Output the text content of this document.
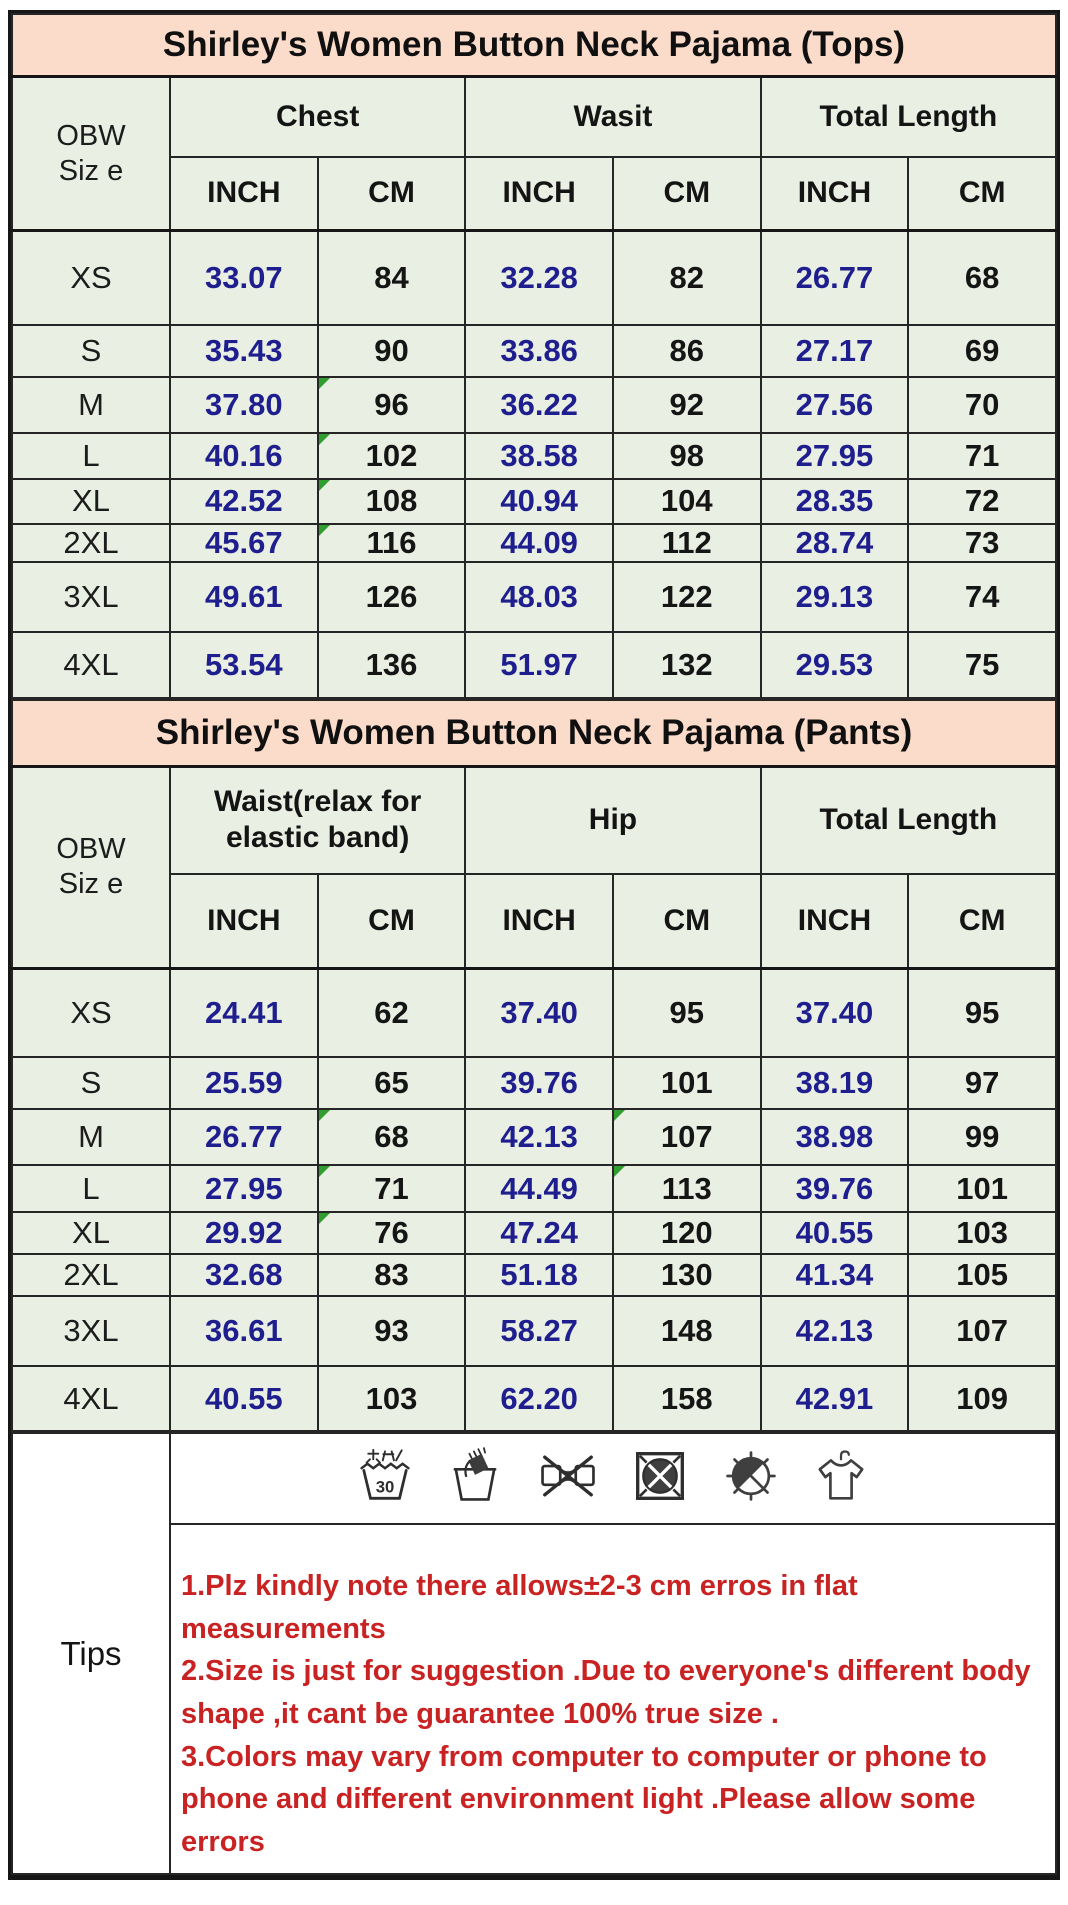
Shirley's Women Button Neck Pajama (Tops)						

OBW
Siz e	Chest		Wasit		Total Length	
	INCH	CM	INCH	CM	INCH	CM
XS	33.07	84	32.28	82	26.77	68
S	35.43	90	33.86	86	27.17	69
M	37.80	96	36.22	92	27.56	70
L	40.16	102	38.58	98	27.95	71
XL	42.52	108	40.94	104	28.35	72
2XL	45.67	116	44.09	112	28.74	73
3XL	49.61	126	48.03	122	29.13	74
4XL	53.54	136	51.97	132	29.53	75
Shirley's Women Button Neck Pajama (Pants)						

OBW
Siz e	Waist(relax for elastic band)		Hip		Total Length	
	INCH	CM	INCH	CM	INCH	CM
XS	24.41	62	37.40	95	37.40	95
S	25.59	65	39.76	101	38.19	97
M	26.77	68	42.13	107	38.98	99
L	27.95	71	44.49	113	39.76	101
XL	29.92	76	47.24	120	40.55	103
2XL	32.68	83	51.18	130	41.34	105
3XL	36.61	93	58.27	148	42.13	107
4XL	40.55	103	62.20	158	42.91	109
Tips	
30

1.Plz kindly note there allows±2-3 cm erros in flat measurements

2.Size is just for suggestion .Due to everyone's different body shape ,it cant be guarantee 100% true size .

3.Colors may vary from computer to computer or phone to phone and different environment light .Please allow some errors
